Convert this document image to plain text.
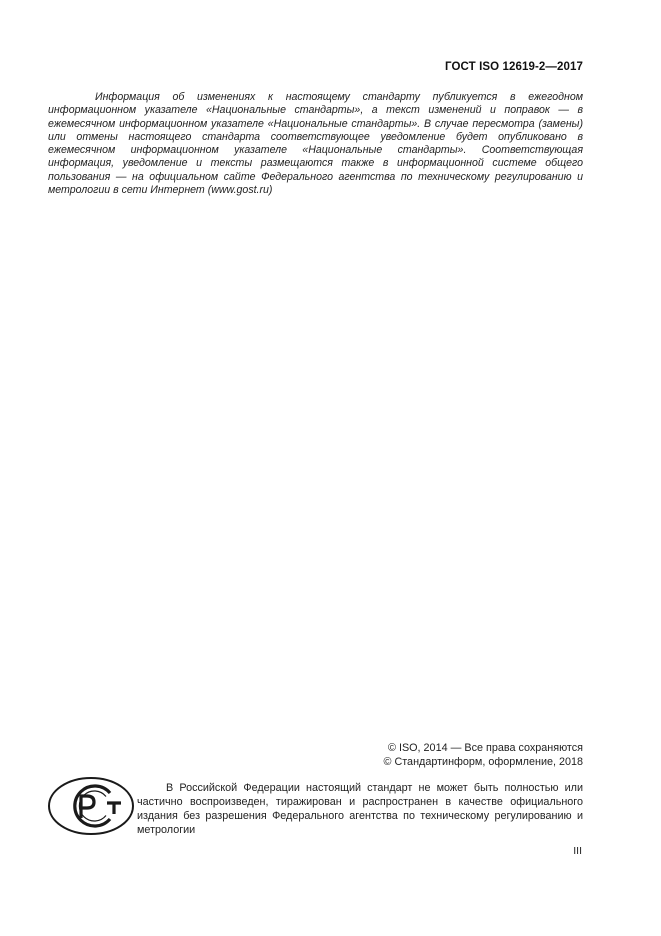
ГОСТ ISO 12619-2—2017

Информация об изменениях к настоящему стандарту публикуется в ежегодном информационном указателе «Национальные стандарты», а текст изменений и поправок — в ежемесячном информационном указателе «Национальные стандарты». В случае пересмотра (замены) или отмены настоящего стандарта соответствующее уведомление будет опубликовано в ежемесячном информационном указателе «Национальные стандарты». Соответствующая информация, уведомление и тексты размещаются также в информационной системе общего пользования — на официальном сайте Федерального агентства по техническому регулированию и метрологии в сети Интернет (www.gost.ru)

© ISO, 2014 — Все права сохраняются
© Стандартинформ, оформление, 2018

В Российской Федерации настоящий стандарт не может быть полностью или частично воспроизведен, тиражирован и распространен в качестве официального издания без разрешения Федерального агентства по техническому регулированию и метрологии

III
